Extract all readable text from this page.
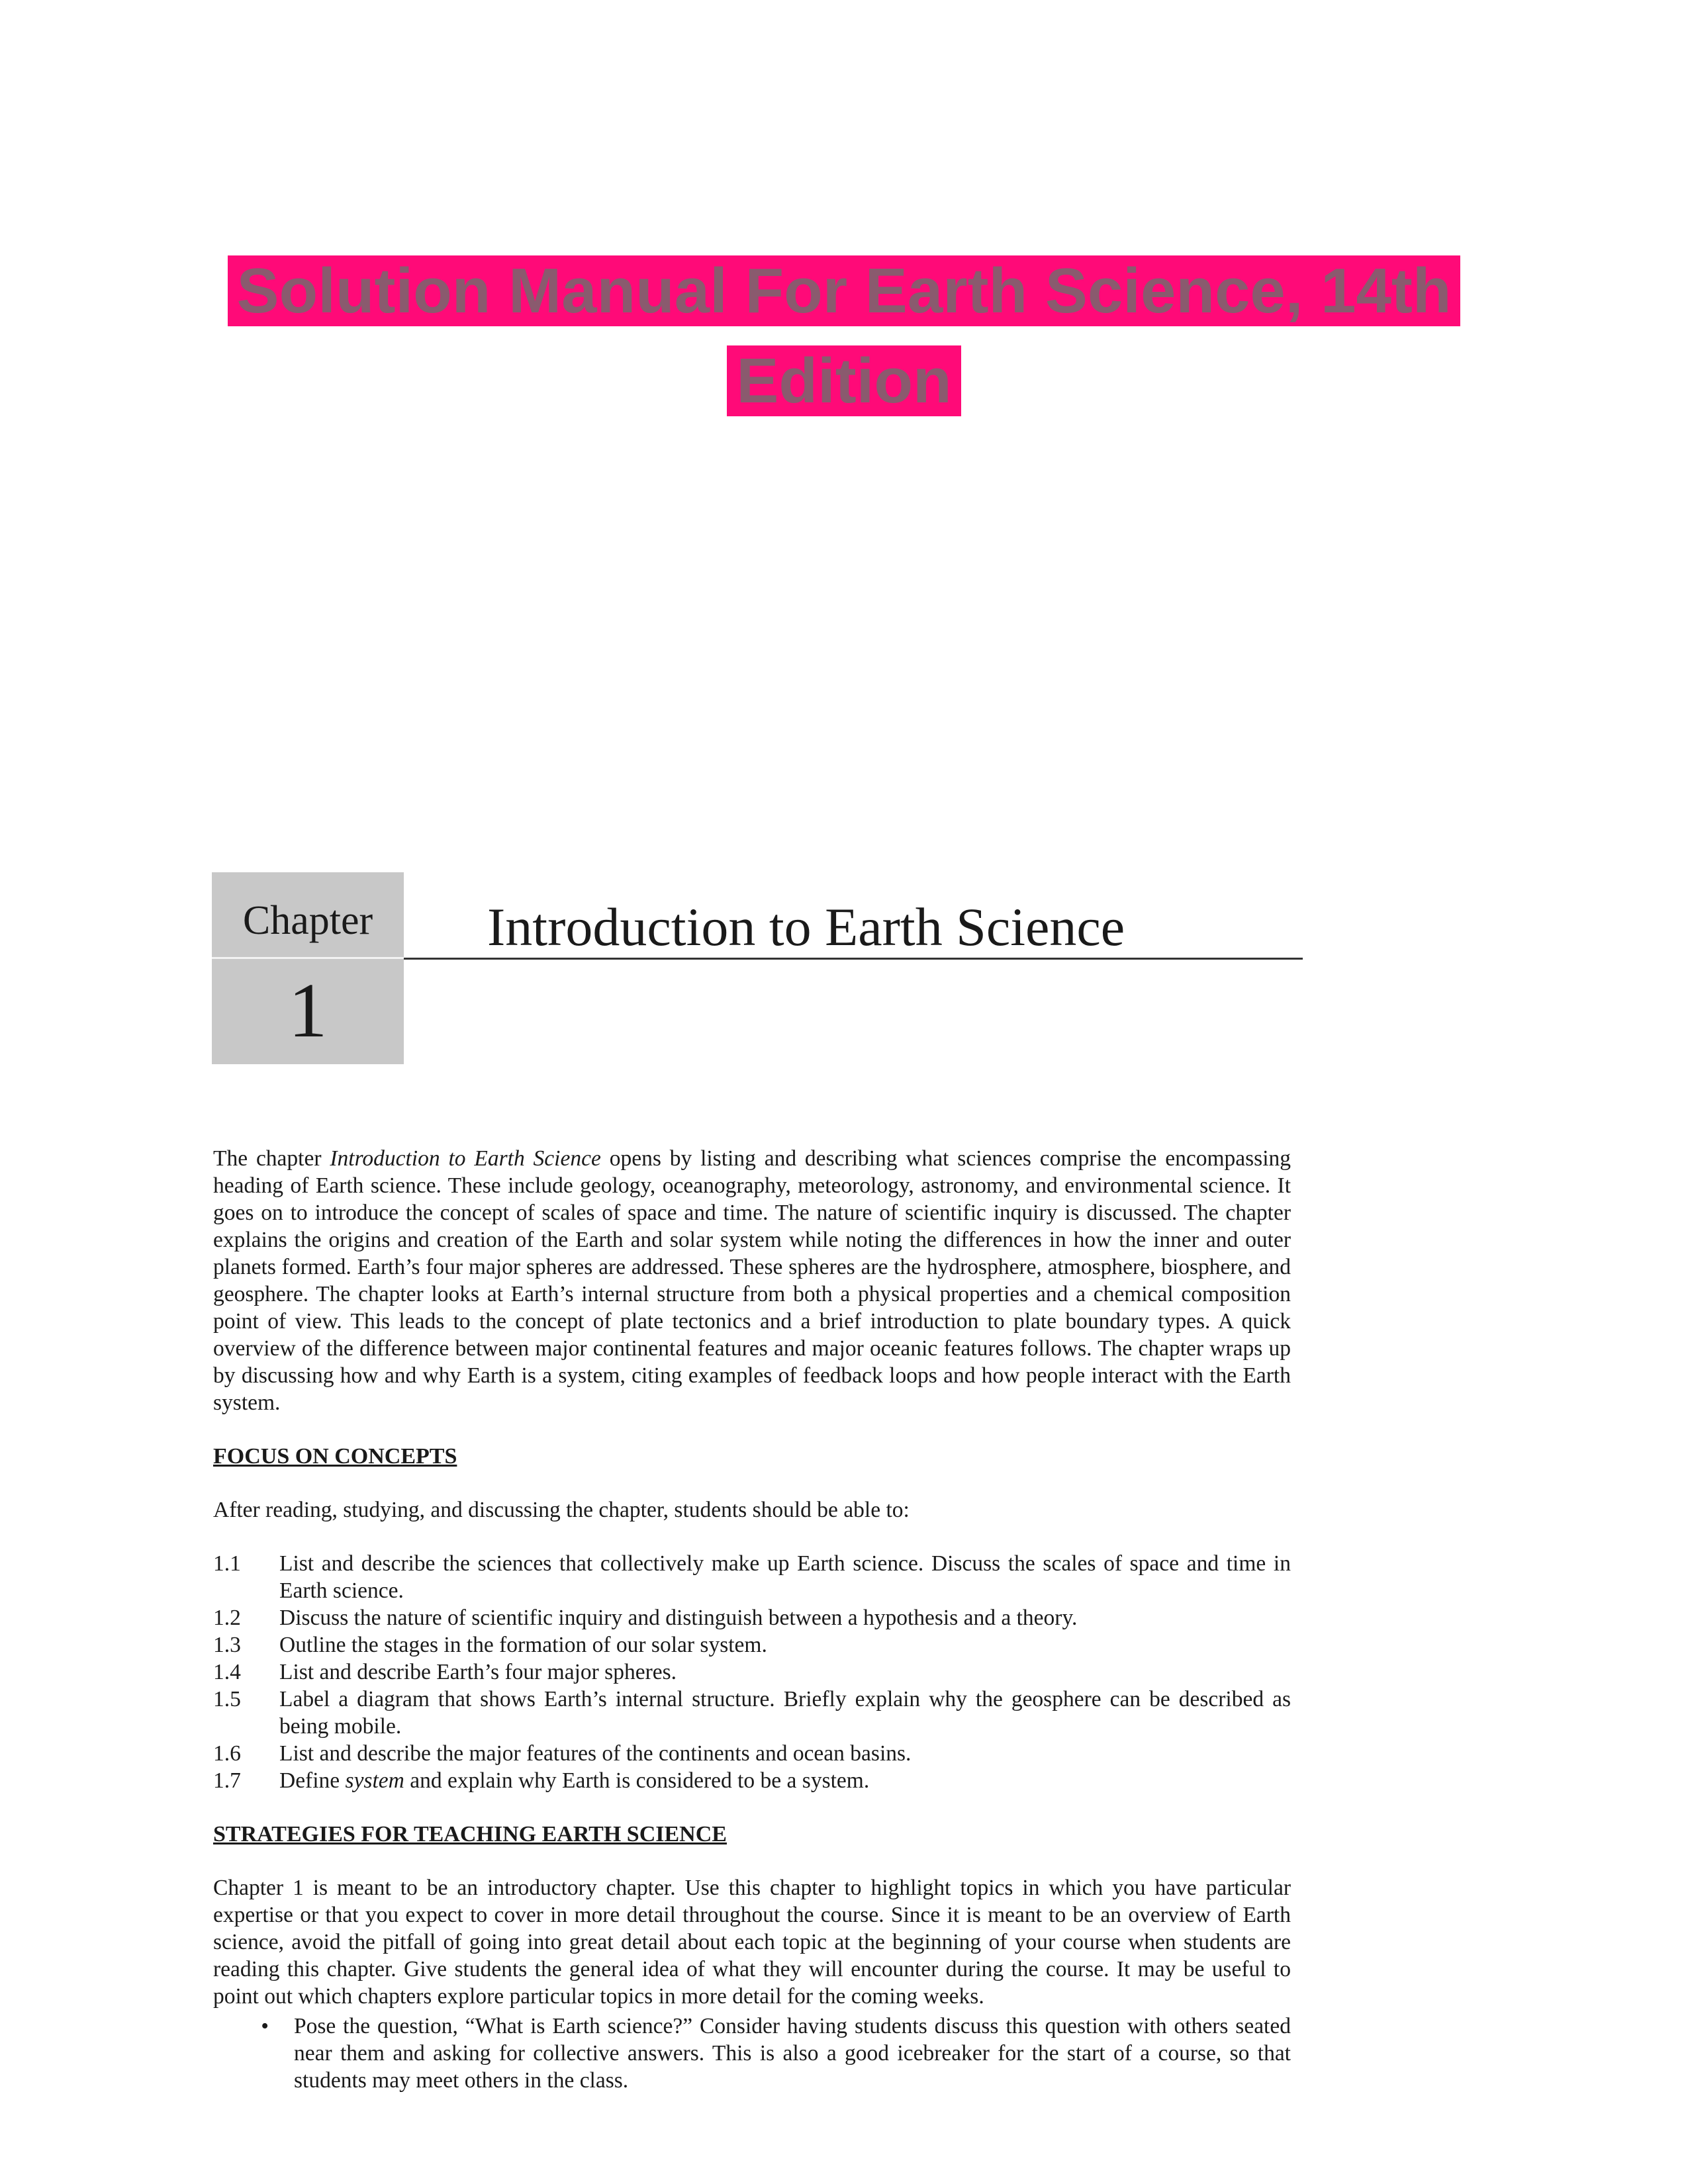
Solution Manual For Earth Science, 14th Edition
Chapter
1
Introduction to Earth Science

The chapter Introduction to Earth Science opens by listing and describing what sciences comprise the encompassing heading of Earth science. These include geology, oceanography, meteorology, astronomy, and environmental science. It goes on to introduce the concept of scales of space and time. The nature of scientific inquiry is discussed. The chapter explains the origins and creation of the Earth and solar system while noting the differences in how the inner and outer planets formed. Earth’s four major spheres are addressed. These spheres are the hydrosphere, atmosphere, biosphere, and geosphere. The chapter looks at Earth’s internal structure from both a physical properties and a chemical composition point of view. This leads to the concept of plate tectonics and a brief introduction to plate boundary types. A quick overview of the difference between major continental features and major oceanic features follows. The chapter wraps up by discussing how and why Earth is a system, citing examples of feedback loops and how people interact with the Earth system.

FOCUS ON CONCEPTS

After reading, studying, and discussing the chapter, students should be able to:

1.1	List and describe the sciences that collectively make up Earth science. Discuss the scales of space and time in Earth science.
1.2	Discuss the nature of scientific inquiry and distinguish between a hypothesis and a theory.
1.3	Outline the stages in the formation of our solar system.
1.4	List and describe Earth’s four major spheres.
1.5	Label a diagram that shows Earth’s internal structure. Briefly explain why the geosphere can be described as being mobile.
1.6	List and describe the major features of the continents and ocean basins.
1.7	Define system and explain why Earth is considered to be a system.
STRATEGIES FOR TEACHING EARTH SCIENCE

Chapter 1 is meant to be an introductory chapter. Use this chapter to highlight topics in which you have particular expertise or that you expect to cover in more detail throughout the course. Since it is meant to be an overview of Earth science, avoid the pitfall of going into great detail about each topic at the beginning of your course when students are reading this chapter. Give students the general idea of what they will encounter during the course. It may be useful to point out which chapters explore particular topics in more detail for the coming weeks.

•	Pose the question, “What is Earth science?” Consider having students discuss this question with others seated near them and asking for collective answers. This is also a good icebreaker for the start of a course, so that students may meet others in the class.
